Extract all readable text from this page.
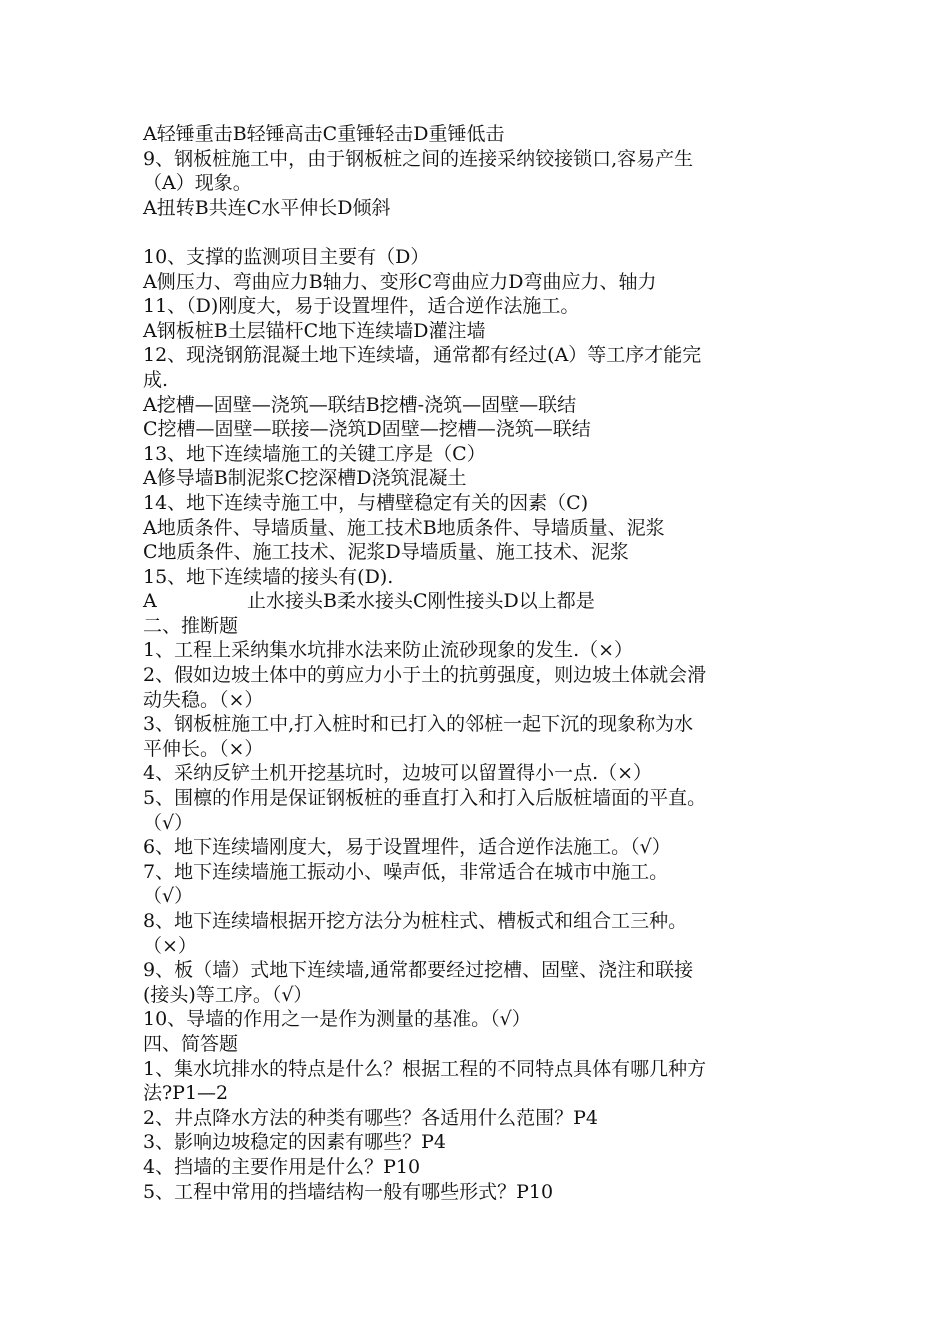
A轻锤重击B轻锤高击C重锤轻击D重锤低击
9、钢板桩施工中，由于钢板桩之间的连接采纳铰接锁口,容易产生
（A）现象。
A扭转B共连C水平伸长D倾斜
10、支撑的监测项目主要有（D）
A侧压力、弯曲应力B轴力、变形C弯曲应力D弯曲应力、轴力
11、（D)刚度大，易于设置埋件，适合逆作法施工。
A钢板桩B土层锚杆C地下连续墙D灌注墙
12、现浇钢筋混凝土地下连续墙，通常都有经过(A）等工序才能完
成.
A挖槽—固壁—浇筑—联结B挖槽-浇筑—固壁—联结
C挖槽—固壁—联接—浇筑D固壁—挖槽—浇筑—联结
13、地下连续墙施工的关键工序是（C）
A修导墙B制泥浆C挖深槽D浇筑混凝土
14、地下连续寺施工中，与槽壁稳定有关的因素（C)
A地质条件、导墙质量、施工技术B地质条件、导墙质量、泥浆
C地质条件、施工技术、泥浆D导墙质量、施工技术、泥浆
15、地下连续墙的接头有(D).
A	止水接头B柔水接头C刚性接头D以上都是
二、推断题
1、工程上采纳集水坑排水法来防止流砂现象的发生.（×）
2、假如边坡土体中的剪应力小于土的抗剪强度，则边坡土体就会滑
动失稳。（×）
3、钢板桩施工中,打入桩时和已打入的邻桩一起下沉的现象称为水
平伸长。（×）
4、采纳反铲土机开挖基坑时，边坡可以留置得小一点.（×）
5、围檩的作用是保证钢板桩的垂直打入和打入后版桩墙面的平直。
（√）
6、地下连续墙刚度大，易于设置埋件，适合逆作法施工。（√）
7、地下连续墙施工振动小、噪声低，非常适合在城市中施工。
（√）
8、地下连续墙根据开挖方法分为桩柱式、槽板式和组合工三种。
（×）
9、板（墙）式地下连续墙,通常都要经过挖槽、固壁、浇注和联接
(接头)等工序。（√）
10、导墙的作用之一是作为测量的基准。（√）
四、简答题
1、集水坑排水的特点是什么？根据工程的不同特点具体有哪几种方
法?P1—2
2、井点降水方法的种类有哪些？各适用什么范围？P4
3、影响边坡稳定的因素有哪些？P4
4、挡墙的主要作用是什么？P10
5、工程中常用的挡墙结构一般有哪些形式？P10
